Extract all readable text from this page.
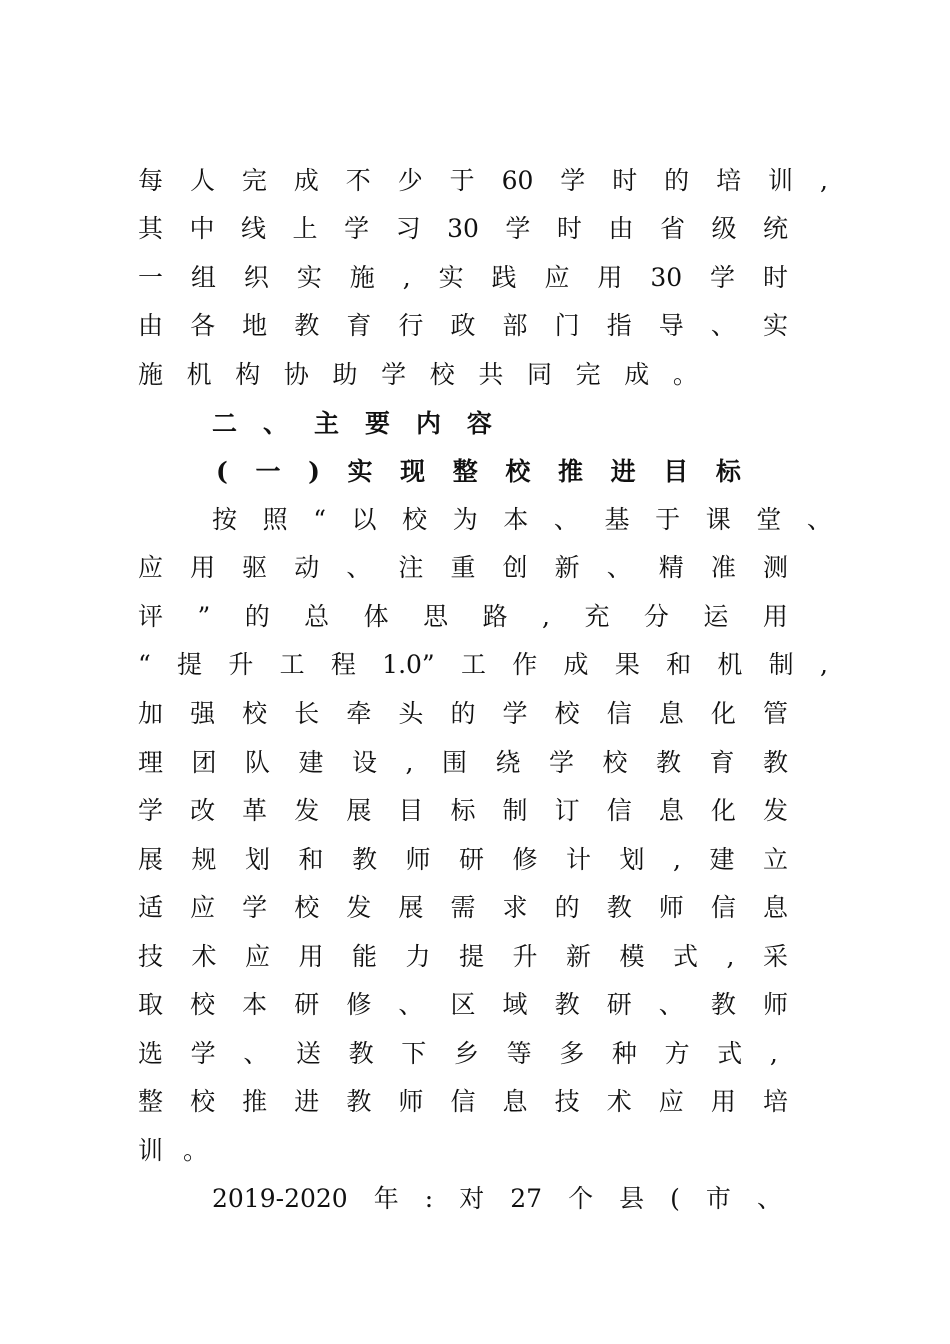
每 人 完 成 不 少 于 60 学 时 的 培 训 ,
其 中 线 上 学 习 30 学 时 由 省 级 统
一 组 织 实 施 , 实 践 应 用 30 学 时
由 各 地 教 育 行 政 部 门 指 导 、 实
施 机 构 协 助 学 校 共 同 完 成 。
二 、 主 要 内 容
( 一 ) 实 现 整 校 推 进 目 标
按 照 “ 以 校 为 本 、 基 于 课 堂 、
应 用 驱 动 、 注 重 创 新 、 精 准 测
评 ” 的 总 体 思 路 , 充 分 运 用
“ 提 升 工 程 1.0” 工 作 成 果 和 机 制 ,
加 强 校 长 牵 头 的 学 校 信 息 化 管
理 团 队 建 设 , 围 绕 学 校 教 育 教
学 改 革 发 展 目 标 制 订 信 息 化 发
展 规 划 和 教 师 研 修 计 划 , 建 立
适 应 学 校 发 展 需 求 的 教 师 信 息
技 术 应 用 能 力 提 升 新 模 式 , 采
取 校 本 研 修 、 区 域 教 研 、 教 师
选 学 、 送 教 下 乡 等 多 种 方 式 ,
整 校 推 进 教 师 信 息 技 术 应 用 培
训 。
2019-2020 年 : 对 27 个 县 ( 市 、
